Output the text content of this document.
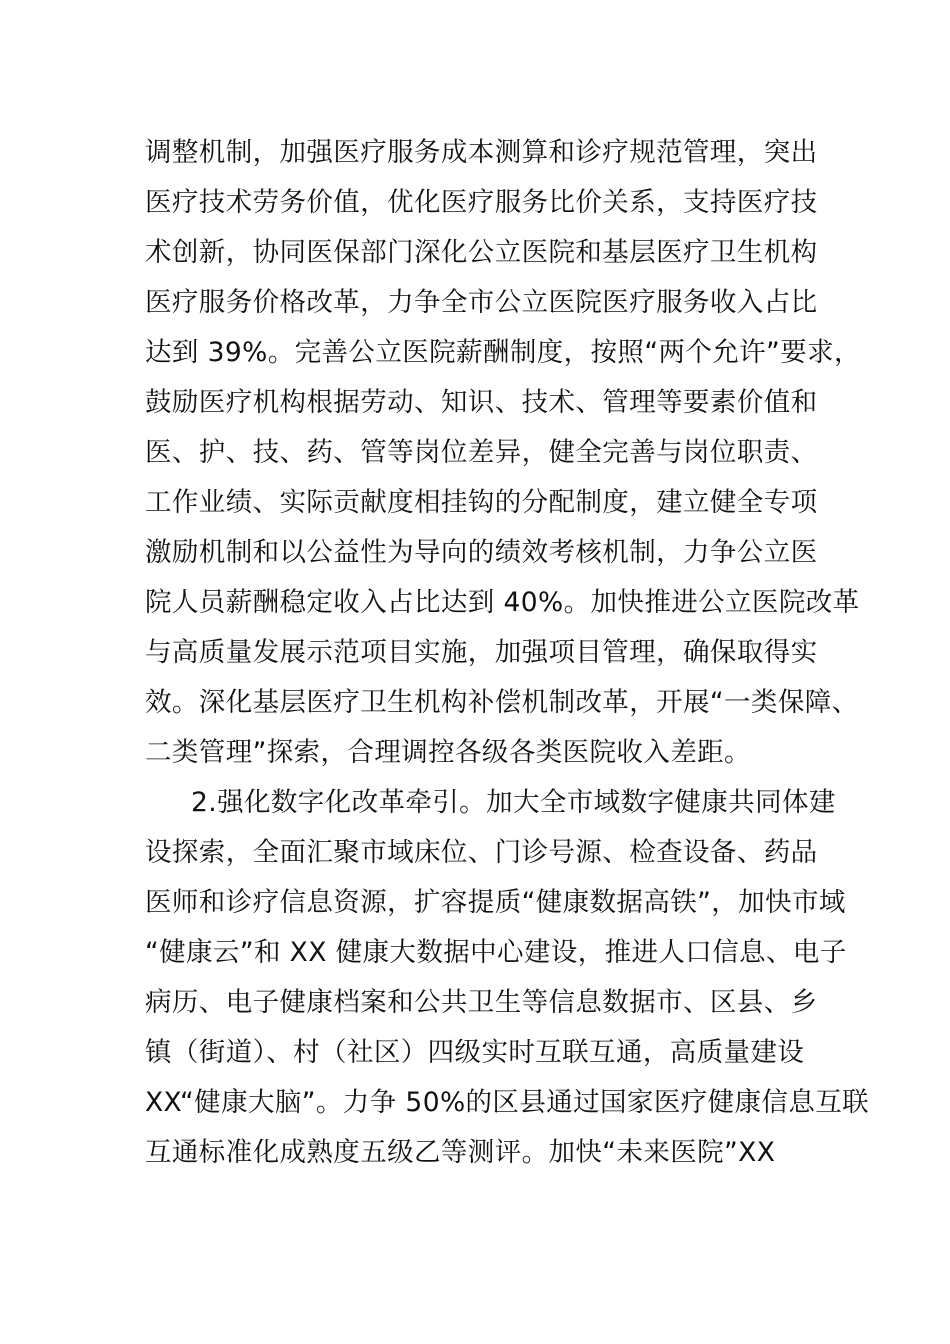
调整机制，加强医疗服务成本测算和诊疗规范管理，突出
医疗技术劳务价值，优化医疗服务比价关系，支持医疗技
术创新，协同医保部门深化公立医院和基层医疗卫生机构
医疗服务价格改革，力争全市公立医院医疗服务收入占比
达到 39%。完善公立医院薪酬制度，按照“两个允许”要求，
鼓励医疗机构根据劳动、知识、技术、管理等要素价值和
医、护、技、药、管等岗位差异，健全完善与岗位职责、
工作业绩、实际贡献度相挂钩的分配制度，建立健全专项
激励机制和以公益性为导向的绩效考核机制，力争公立医
院人员薪酬稳定收入占比达到 40%。加快推进公立医院改革
与高质量发展示范项目实施，加强项目管理，确保取得实
效。深化基层医疗卫生机构补偿机制改革，开展“一类保障、
二类管理”探索，合理调控各级各类医院收入差距。
2.强化数字化改革牵引。加大全市域数字健康共同体建
设探索，全面汇聚市域床位、门诊号源、检查设备、药品
医师和诊疗信息资源，扩容提质“健康数据高铁”，加快市域
“健康云”和 XX 健康大数据中心建设，推进人口信息、电子
病历、电子健康档案和公共卫生等信息数据市、区县、乡
镇（街道）、村（社区）四级实时互联互通，高质量建设
XX“健康大脑”。力争 50%的区县通过国家医疗健康信息互联
互通标准化成熟度五级乙等测评。加快“未来医院”XX
